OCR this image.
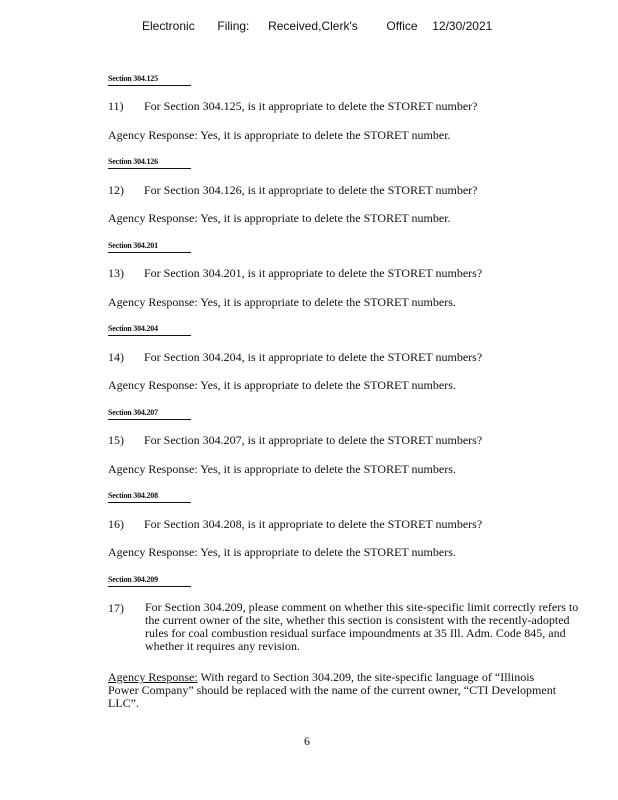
Electronic Filing: Received,Clerk's Office 12/30/2021
Section 304.125
11) For Section 304.125, is it appropriate to delete the STORET number?
Agency Response: Yes, it is appropriate to delete the STORET number.
Section 304.126
12) For Section 304.126, is it appropriate to delete the STORET number?
Agency Response: Yes, it is appropriate to delete the STORET number.
Section 304.201
13) For Section 304.201, is it appropriate to delete the STORET numbers?
Agency Response: Yes, it is appropriate to delete the STORET numbers.
Section 304.204
14) For Section 304.204, is it appropriate to delete the STORET numbers?
Agency Response: Yes, it is appropriate to delete the STORET numbers.
Section 304.207
15) For Section 304.207, is it appropriate to delete the STORET numbers?
Agency Response: Yes, it is appropriate to delete the STORET numbers.
Section 304.208
16) For Section 304.208, is it appropriate to delete the STORET numbers?
Agency Response: Yes, it is appropriate to delete the STORET numbers.
Section 304.209
17) For Section 304.209, please comment on whether this site-specific limit correctly refers to the current owner of the site, whether this section is consistent with the recently-adopted rules for coal combustion residual surface impoundments at 35 Ill. Adm. Code 845, and whether it requires any revision.
Agency Response: With regard to Section 304.209, the site-specific language of “Illinois Power Company” should be replaced with the name of the current owner, “CTI Development LLC”.
6
